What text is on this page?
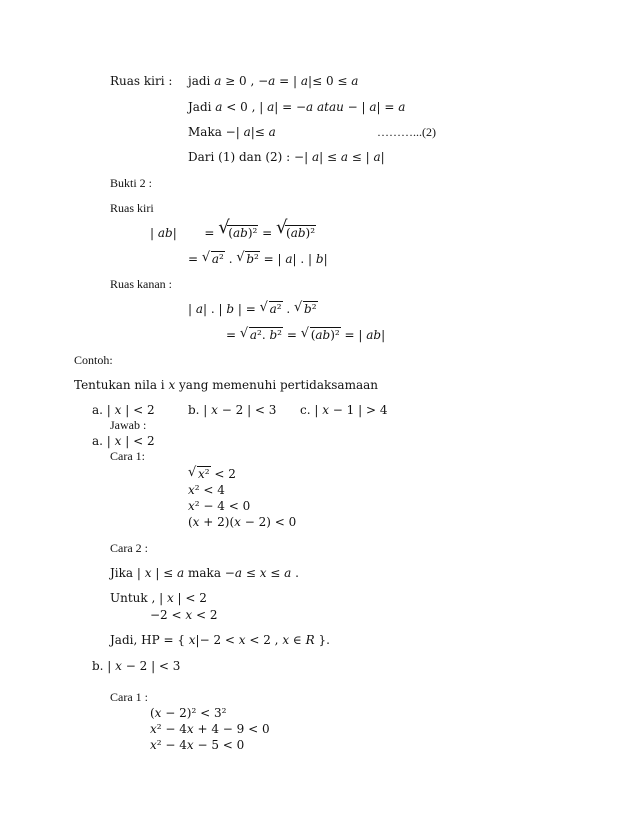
Ruas kiri : jadi 𝑎 ≥ 0 , −𝑎 = | 𝑎|≤ 0 ≤ 𝑎
Jadi 𝑎 < 0 , | 𝑎| = −𝑎 𝑎𝑡𝑎𝑢 − | 𝑎| = 𝑎
Maka −| 𝑎|≤ 𝑎	………...(2)
Dari (1) dan (2) : −| 𝑎| ≤ 𝑎 ≤ | 𝑎|
Bukti 2 :
Ruas kiri
| 𝑎𝑏| = √ (𝑎𝑏)² = √ (𝑎𝑏)²
= √ 𝑎² . √ 𝑏² = | 𝑎| . | 𝑏|
Ruas kanan :
| 𝑎| . | 𝑏 | = √ 𝑎² . √ 𝑏²
= √ 𝑎². 𝑏² = √ (𝑎𝑏)² = | 𝑎𝑏|
Contoh:
Tentukan nila i 𝑥 yang memenuhi pertidaksamaan
a. | 𝑥 | < 2	b. | 𝑥 − 2 | < 3 c. | 𝑥 − 1 | > 4
Jawab :
a. | 𝑥 | < 2
Cara 1:
√ 𝑥² < 2
𝑥² < 4
𝑥² − 4 < 0
(𝑥 + 2)(𝑥 − 2) < 0
Cara 2 :
Jika | 𝑥 | ≤ 𝑎 maka −𝑎 ≤ 𝑥 ≤ 𝑎 .
Untuk , | 𝑥 | < 2
−2 < 𝑥 < 2
Jadi, HP = { 𝑥|− 2 < 𝑥 < 2 , 𝑥 ∈ 𝑅 }.
b. | 𝑥 − 2 | < 3
Cara 1 :
(𝑥 − 2)² < 3²
𝑥² − 4𝑥 + 4 − 9 < 0
𝑥² − 4𝑥 − 5 < 0
